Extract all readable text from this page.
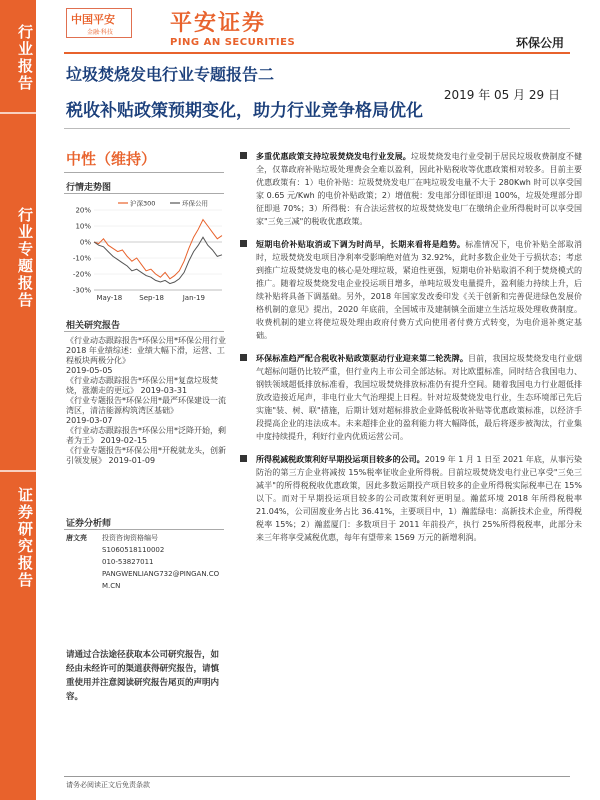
行业报告
行业专题报告
证券研究报告
中国平安
金融·科技	平安证券
PING AN SECURITIES	环保公用
垃圾焚烧发电行业专题报告二
2019 年 05 月 29 日
税收补贴政策预期变化，助力行业竞争格局优化
中性（维持）
行情走势图
20%
10%
0%
-10%
-20%
-30%
May-18 Sep-18	Jan-19
沪深300	环保公用
相关研究报告
《行业动态跟踪报告*环保公用*环保公用行业 2018 年业绩综述：业绩大幅下滑，运营、工程板块两极分化》
2019-05-05
《行业动态跟踪报告*环保公用*复盘垃圾焚烧，涨潮走的更远》 2019-03-31
《行业专题报告*环保公用*最严环保建设一流湾区，清洁能源构筑湾区基础》
2019-03-07
《行业动态跟踪报告*环保公用*泛降开始，剩者为王》 2019-02-15
《行业专题报告*环保公用*开税就龙头，创新引领发展》 2019-01-09
证券分析师
唐文亮 投资咨询资格编号
S1060518110002
010-53827011
PANGWENLIANG732@PINGAN.CO
M.CN
请通过合法途径获取本公司研究报告，如经由未经许可的渠道获得研究报告，请慎重使用并注意阅读研究报告尾页的声明内容。
多重优惠政策支持垃圾焚烧发电行业发展。垃圾焚烧发电行业受制于居民垃圾收费制度不健全，仅靠政府补贴垃圾处理费会全难以盈利，因此补贴税收等优惠政策相对较多。目前主要优惠政策有：1）电价补贴：垃圾焚烧发电厂在吨垃圾发电量不大于 280Kwh 时可以享受国家 0.65 元/Kwh 的电价补贴政策；2）增值税：发电部分即征即退 100%，垃圾处理部分即征即退 70%；3）所得税：有合法运营权的垃圾焚烧发电厂在缴纳企业所得税时可以享受国家"三免三减"的税收优惠政策。
短期电价补贴取消或下调为时尚早，长期来看将是趋势。标准情况下，电价补贴全部取消时，垃圾焚烧发电项目净利率受影响绝对值为 32.92%，此时多数企业处于亏损状态；考虑到推广垃圾焚烧发电的核心是处理垃圾，紧迫性更强，短期电价补贴取消不利于焚烧模式的推广。随着垃圾焚烧发电企业投运项目增多，单吨垃圾发电量提升，盈利能力持续上升，后续补贴将具备下调基础。另外，2018 年国家发改委印发《关于创新和完善促进绿色发展价格机制的意见》提出，2020 年底前，全国城市及建制镇全面建立生活垃圾处理收费制度。收费机制的建立将使垃圾处理由政府付费方式向使用者付费方式转变，为电价退补奠定基础。
环保标准趋严配合税收补贴政策驱动行业迎来第二轮洗牌。目前，我国垃圾焚烧发电行业烟气超标问题仍比较严重，但行业内上市公司全部达标。对比欧盟标准，同时结合我国电力、钢铁领域超低排放标准看，我国垃圾焚烧排放标准仍有提升空间。随着我国电力行业超低排放改造接近尾声，非电行业大气治理提上日程。针对垃圾焚烧发电行业，生态环境部已先后实施"装、树、联"措施，后期计划对超标排放企业降低税收补贴等优惠政策标准，以经济手段提高企业的违法成本。未来超排企业的盈利能力将大幅降低，最后将逐步被淘汰，行业集中度持续提升，利好行业内优质运营公司。
所得税减税政策利好早期投运项目较多的公司。2019 年 1 月 1 日至 2021 年底，从事污染防治的第三方企业将减按 15%税率征收企业所得税。目前垃圾焚烧发电行业已享受"三免三减半"的所得税税收优惠政策，因此多数运期投产项目较多的企业所得税实际税率已在 15%以下。而对于早期投运项目较多的公司政策利好更明显。瀚蓝环境 2018 年所得税税率 21.04%，公司固废业务占比 36.41%，主要项目中，1）瀚蓝绿电：高新技术企业，所得税税率 15%；2）瀚蓝厦门：多数项目于 2011 年前投产，执行 25%所得税税率，此部分未来三年将享受减税优惠，每年有望带来 1569 万元的新增利润。
请务必阅读正文后免责条款
